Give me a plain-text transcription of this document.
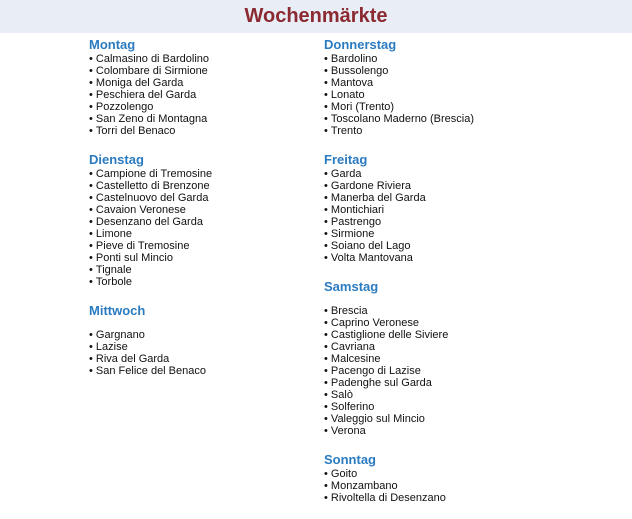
Wochenmärkte
Montag
• Calmasino di Bardolino
• Colombare di Sirmione
• Moniga del Garda
• Peschiera del Garda
• Pozzolengo
• San Zeno di Montagna
• Torri del Benaco
Dienstag
• Campione di Tremosine
• Castelletto di Brenzone
• Castelnuovo del Garda
• Cavaion Veronese
• Desenzano del Garda
• Limone
• Pieve di Tremosine
• Ponti sul Mincio
• Tignale
• Torbole
Mittwoch
• Gargnano
• Lazise
• Riva del Garda
• San Felice del Benaco
Donnerstag
• Bardolino
• Bussolengo
• Mantova
• Lonato
• Mori (Trento)
• Toscolano Maderno (Brescia)
• Trento
Freitag
• Garda
• Gardone Riviera
• Manerba del Garda
• Montichiari
• Pastrengo
• Sirmione
• Soiano del Lago
• Volta Mantovana
Samstag
• Brescia
• Caprino Veronese
• Castiglione delle Siviere
• Cavriana
• Malcesine
• Pacengo di Lazise
• Padenghe sul Garda
• Salò
• Solferino
• Valeggio sul Mincio
• Verona
Sonntag
• Goito
• Monzambano
• Rivoltella di Desenzano
